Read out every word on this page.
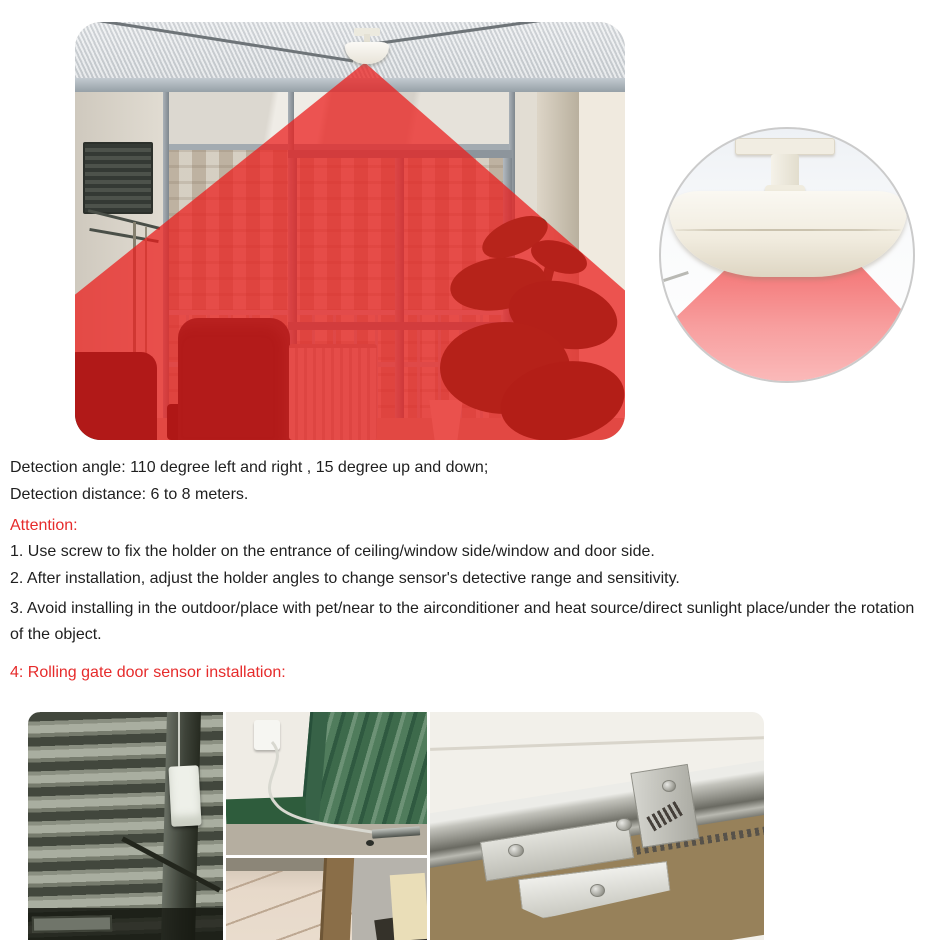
Detection angle: 110 degree left and right , 15 degree up and down;
Detection distance: 6 to 8 meters.
Attention:
1. Use screw to fix the holder on the entrance of ceiling/window side/window and door side.
2. After installation, adjust the holder angles to change sensor's detective range and sensitivity.
3. Avoid installing in the outdoor/place with pet/near to the airconditioner and heat source/direct sunlight place/under the rotation of the object.
4: Rolling gate door sensor installation:
